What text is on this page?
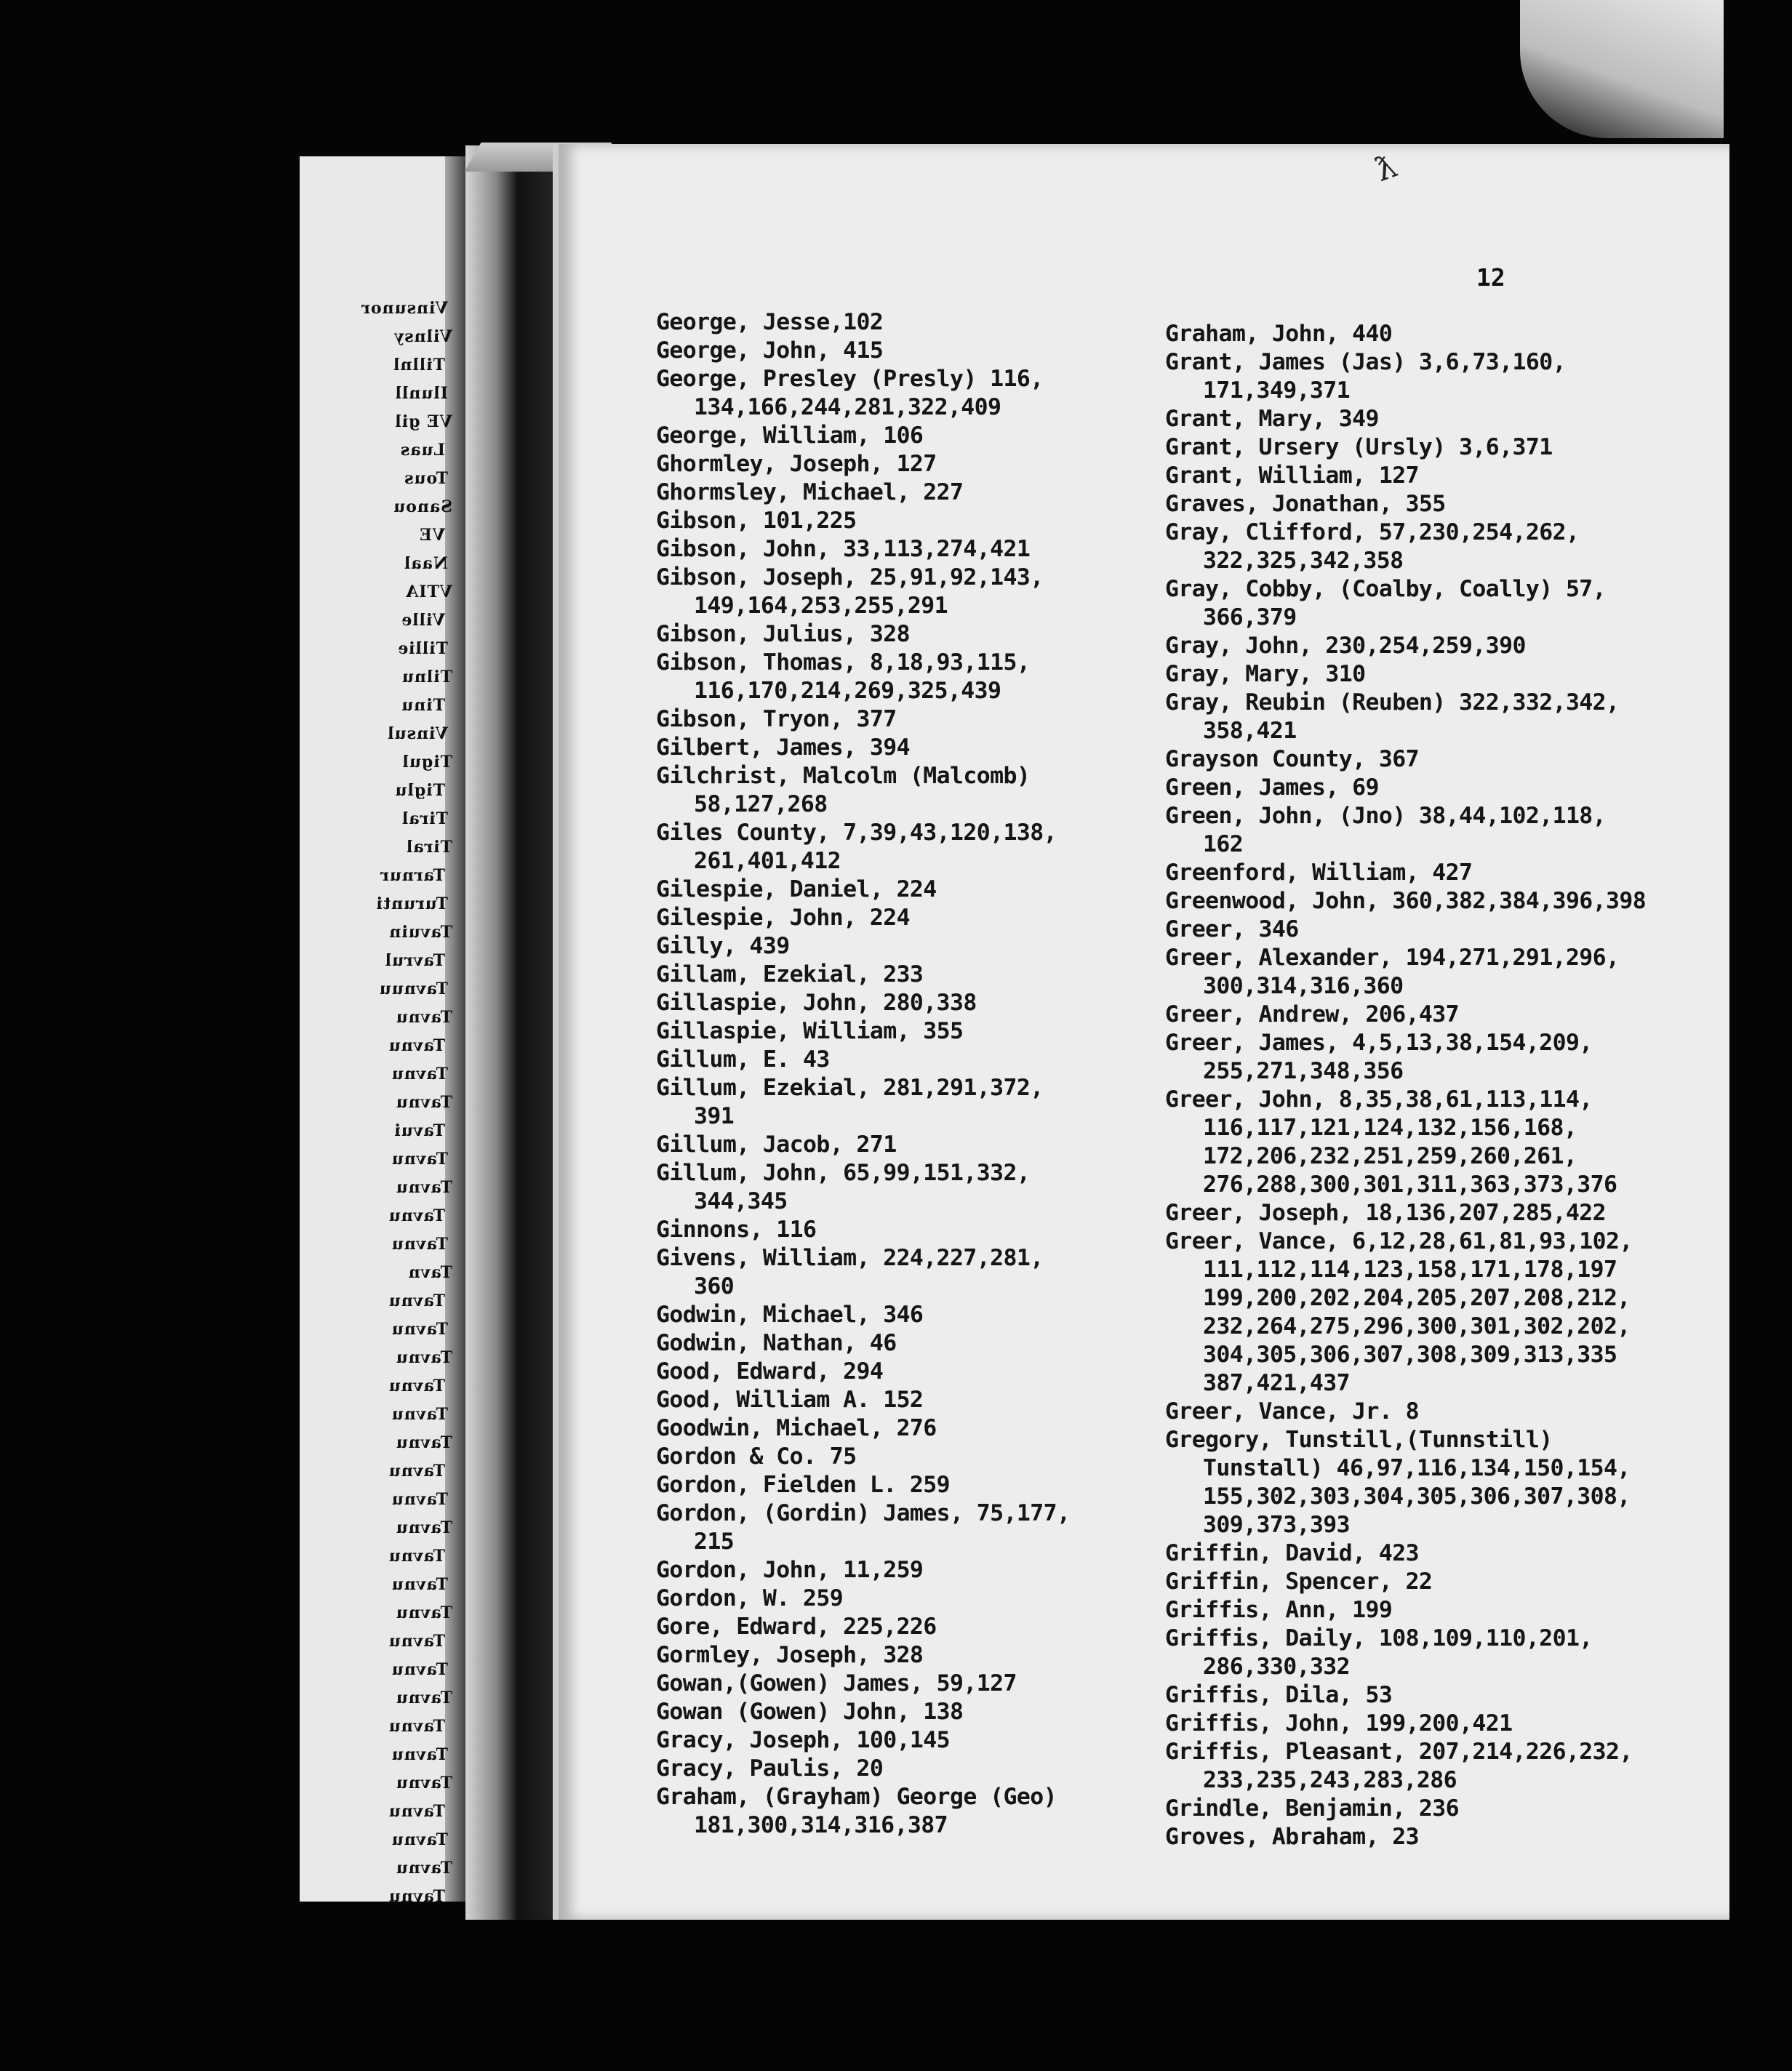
Vinsunor
Vilnsy
Tillnl
Ilunll
VE gil
Luas
Tous
Sanou
VE
Naal
VTIA
Ville
Tillie
Tilnu
Tinu
Vinsul
Tigul
Tiglu
Tiral
Tiral
Tarnur
Turunti
Tavuin
Tavrul
Tavnuu
Tavnu
Tavnu
Tavnu
Tavnu
Tavui
Tavnu
Tavnu
Tavnu
Tavnu
Tavn
Tavnu
Tavnu
Tavnu
Tavnu
Tavnu
Tavnu
Tavnu
Tavnu
Tavnu
Tavnu
Tavnu
Tavnu
Tavnu
Tavnu
Tavnu
Tavnu
Tavnu
Tavnu
Tavnu
Tavnu
Tavnu
Tavnu
ƛ
12
George, Jesse,102
George, John, 415
George, Presley (Presly) 116,
134,166,244,281,322,409
George, William, 106
Ghormley, Joseph, 127
Ghormsley, Michael, 227
Gibson, 101,225
Gibson, John, 33,113,274,421
Gibson, Joseph, 25,91,92,143,
149,164,253,255,291
Gibson, Julius, 328
Gibson, Thomas, 8,18,93,115,
116,170,214,269,325,439
Gibson, Tryon, 377
Gilbert, James, 394
Gilchrist, Malcolm (Malcomb)
58,127,268
Giles County, 7,39,43,120,138,
261,401,412
Gilespie, Daniel, 224
Gilespie, John, 224
Gilly, 439
Gillam, Ezekial, 233
Gillaspie, John, 280,338
Gillaspie, William, 355
Gillum, E. 43
Gillum, Ezekial, 281,291,372,
391
Gillum, Jacob, 271
Gillum, John, 65,99,151,332,
344,345
Ginnons, 116
Givens, William, 224,227,281,
360
Godwin, Michael, 346
Godwin, Nathan, 46
Good, Edward, 294
Good, William A. 152
Goodwin, Michael, 276
Gordon & Co. 75
Gordon, Fielden L. 259
Gordon, (Gordin) James, 75,177,
215
Gordon, John, 11,259
Gordon, W. 259
Gore, Edward, 225,226
Gormley, Joseph, 328
Gowan,(Gowen) James, 59,127
Gowan (Gowen) John, 138
Gracy, Joseph, 100,145
Gracy, Paulis, 20
Graham, (Grayham) George (Geo)
181,300,314,316,387
Graham, John, 440
Grant, James (Jas) 3,6,73,160,
171,349,371
Grant, Mary, 349
Grant, Ursery (Ursly) 3,6,371
Grant, William, 127
Graves, Jonathan, 355
Gray, Clifford, 57,230,254,262,
322,325,342,358
Gray, Cobby, (Coalby, Coally) 57,
366,379
Gray, John, 230,254,259,390
Gray, Mary, 310
Gray, Reubin (Reuben) 322,332,342,
358,421
Grayson County, 367
Green, James, 69
Green, John, (Jno) 38,44,102,118,
162
Greenford, William, 427
Greenwood, John, 360,382,384,396,398
Greer, 346
Greer, Alexander, 194,271,291,296,
300,314,316,360
Greer, Andrew, 206,437
Greer, James, 4,5,13,38,154,209,
255,271,348,356
Greer, John, 8,35,38,61,113,114,
116,117,121,124,132,156,168,
172,206,232,251,259,260,261,
276,288,300,301,311,363,373,376
Greer, Joseph, 18,136,207,285,422
Greer, Vance, 6,12,28,61,81,93,102,
111,112,114,123,158,171,178,197
199,200,202,204,205,207,208,212,
232,264,275,296,300,301,302,202,
304,305,306,307,308,309,313,335
387,421,437
Greer, Vance, Jr. 8
Gregory, Tunstill,(Tunnstill)
Tunstall) 46,97,116,134,150,154,
155,302,303,304,305,306,307,308,
309,373,393
Griffin, David, 423
Griffin, Spencer, 22
Griffis, Ann, 199
Griffis, Daily, 108,109,110,201,
286,330,332
Griffis, Dila, 53
Griffis, John, 199,200,421
Griffis, Pleasant, 207,214,226,232,
233,235,243,283,286
Grindle, Benjamin, 236
Groves, Abraham, 23
